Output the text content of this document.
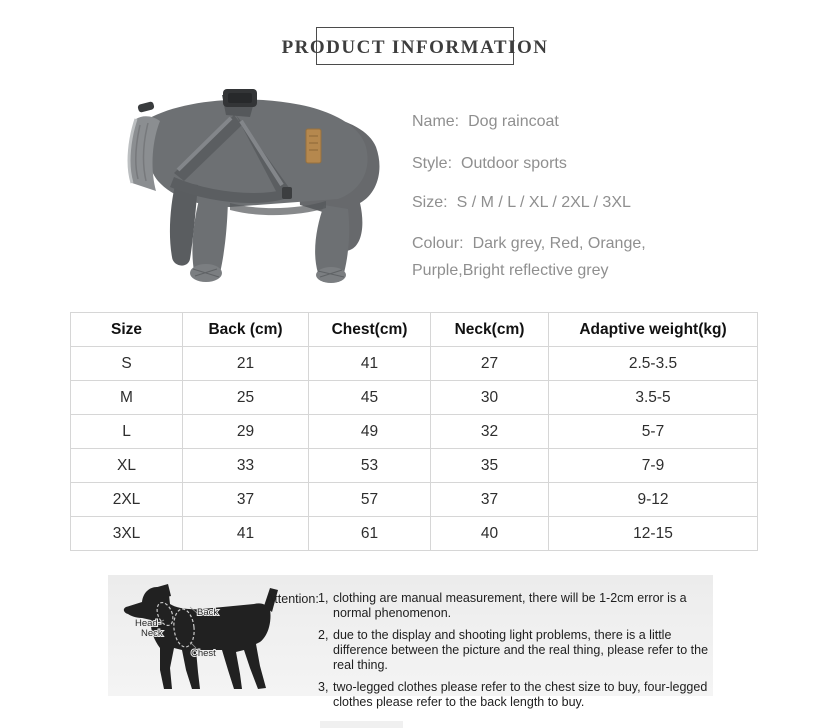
PRODUCT INFORMATION
Name: Dog raincoat
Style: Outdoor sports
Size: S / M / L / XL / 2XL / 3XL
Colour: Dark grey, Red, Orange,
Purple,Bright reflective grey
Size	Back (cm)	Chest(cm)	Neck(cm)	Adaptive weight(kg)
S	21	41	27	2.5-3.5
M	25	45	30	3.5-5
L	29	49	32	5-7
XL	33	53	35	7-9
2XL	37	57	37	9-12
3XL	41	61	40	12-15
Back
Head-
Neck
Chest
Attention: 1, clothing are manual measurement, there will be 1-2cm error is a normal phenomenon.
2, due to the display and shooting light problems, there is a little difference between the picture and the real thing, please refer to the real thing.
3, two-legged clothes please refer to the chest size to buy, four-legged clothes please refer to the back length to buy.
